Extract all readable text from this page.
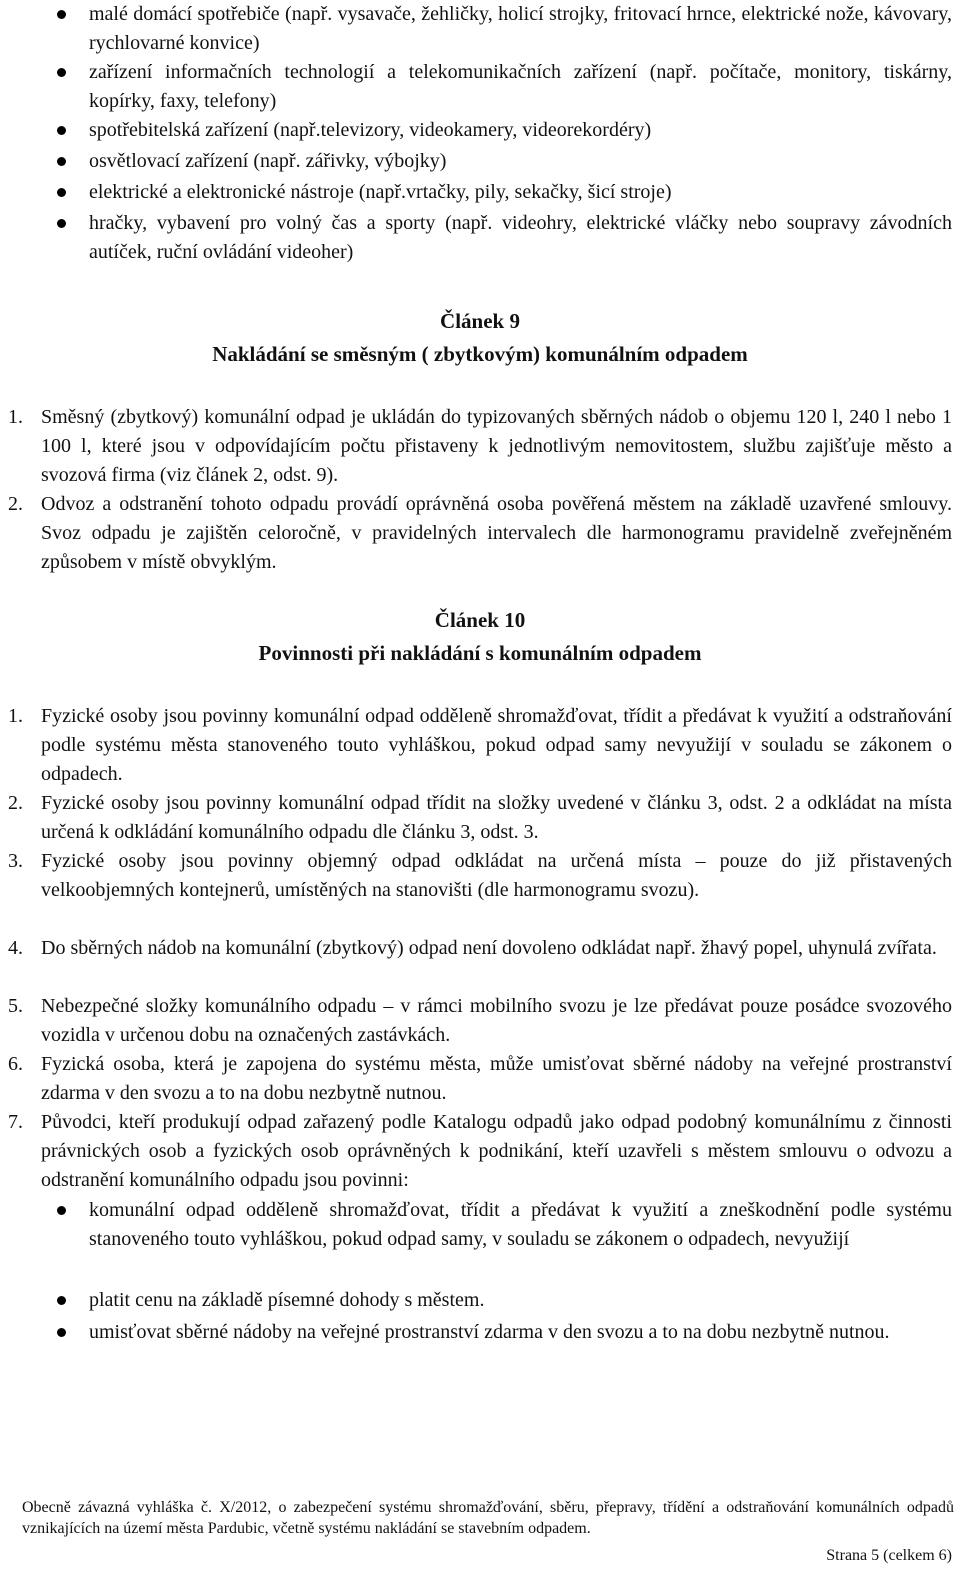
malé domácí spotřebiče (např. vysavače, žehličky, holicí strojky, fritovací hrnce, elektrické nože, kávovary, rychlovarné konvice)
zařízení informačních technologií a telekomunikačních zařízení (např. počítače, monitory, tiskárny, kopírky, faxy, telefony)
spotřebitelská zařízení (např.televizory, videokamery, videorekordéry)
osvětlovací zařízení (např. zářivky, výbojky)
elektrické a elektronické nástroje (např.vrtačky, pily, sekačky, šicí stroje)
hračky, vybavení pro volný čas a sporty (např. videohry, elektrické vláčky nebo soupravy závodních autíček, ruční ovládání videoher)
Článek 9
Nakládání se směsným ( zbytkovým) komunálním odpadem
1. Směsný (zbytkový) komunální odpad je ukládán do typizovaných sběrných nádob o objemu 120 l, 240 l nebo 1 100 l, které jsou v odpovídajícím počtu přistaveny k jednotlivým nemovitostem, službu zajišťuje město a svozová firma (viz článek 2, odst. 9).
2. Odvoz a odstranění tohoto odpadu provádí oprávněná osoba pověřená městem na základě uzavřené smlouvy. Svoz odpadu je zajištěn celoročně, v pravidelných intervalech dle harmonogramu pravidelně zveřejněném způsobem v místě obvyklým.
Článek 10
Povinnosti při nakládání s komunálním odpadem
1. Fyzické osoby jsou povinny komunální odpad odděleně shromažďovat, třídit a předávat k využití a odstraňování podle systému města stanoveného touto vyhláškou, pokud odpad samy nevyužijí v souladu se zákonem o odpadech.
2. Fyzické osoby jsou povinny komunální odpad třídit na složky uvedené v článku 3, odst. 2 a odkládat na místa určená k odkládání komunálního odpadu dle článku 3, odst. 3.
3. Fyzické osoby jsou povinny objemný odpad odkládat na určená místa – pouze do již přistavených velkoobjemných kontejnerů, umístěných na stanovišti (dle harmonogramu svozu).
4. Do sběrných nádob na komunální (zbytkový) odpad není dovoleno odkládat např. žhavý popel, uhynulá zvířata.
5. Nebezpečné složky komunálního odpadu – v rámci mobilního svozu je lze předávat pouze posádce svozového vozidla v určenou dobu na označených zastávkách.
6. Fyzická osoba, která je zapojena do systému města, může umisťovat sběrné nádoby na veřejné prostranství zdarma v den svozu a to na dobu nezbytně nutnou.
7. Původci, kteří produkují odpad zařazený podle Katalogu odpadů jako odpad podobný komunálnímu z činnosti právnických osob a fyzických osob oprávněných k podnikání, kteří uzavřeli s městem smlouvu o odvozu a odstranění komunálního odpadu jsou povinni:
komunální odpad odděleně shromažďovat, třídit a předávat k využití a zneškodnění podle systému stanoveného touto vyhláškou, pokud odpad samy, v souladu se zákonem o odpadech, nevyužijí
platit cenu na základě písemné dohody s městem.
umisťovat sběrné nádoby na veřejné prostranství zdarma v den svozu a to na dobu nezbytně nutnou.
Obecně závazná vyhláška č. X/2012, o zabezpečení systému shromažďování, sběru, přepravy, třídění a odstraňování komunálních odpadů vznikajících na území města Pardubic, včetně systému nakládání se stavebním odpadem.
Strana 5 (celkem 6)
